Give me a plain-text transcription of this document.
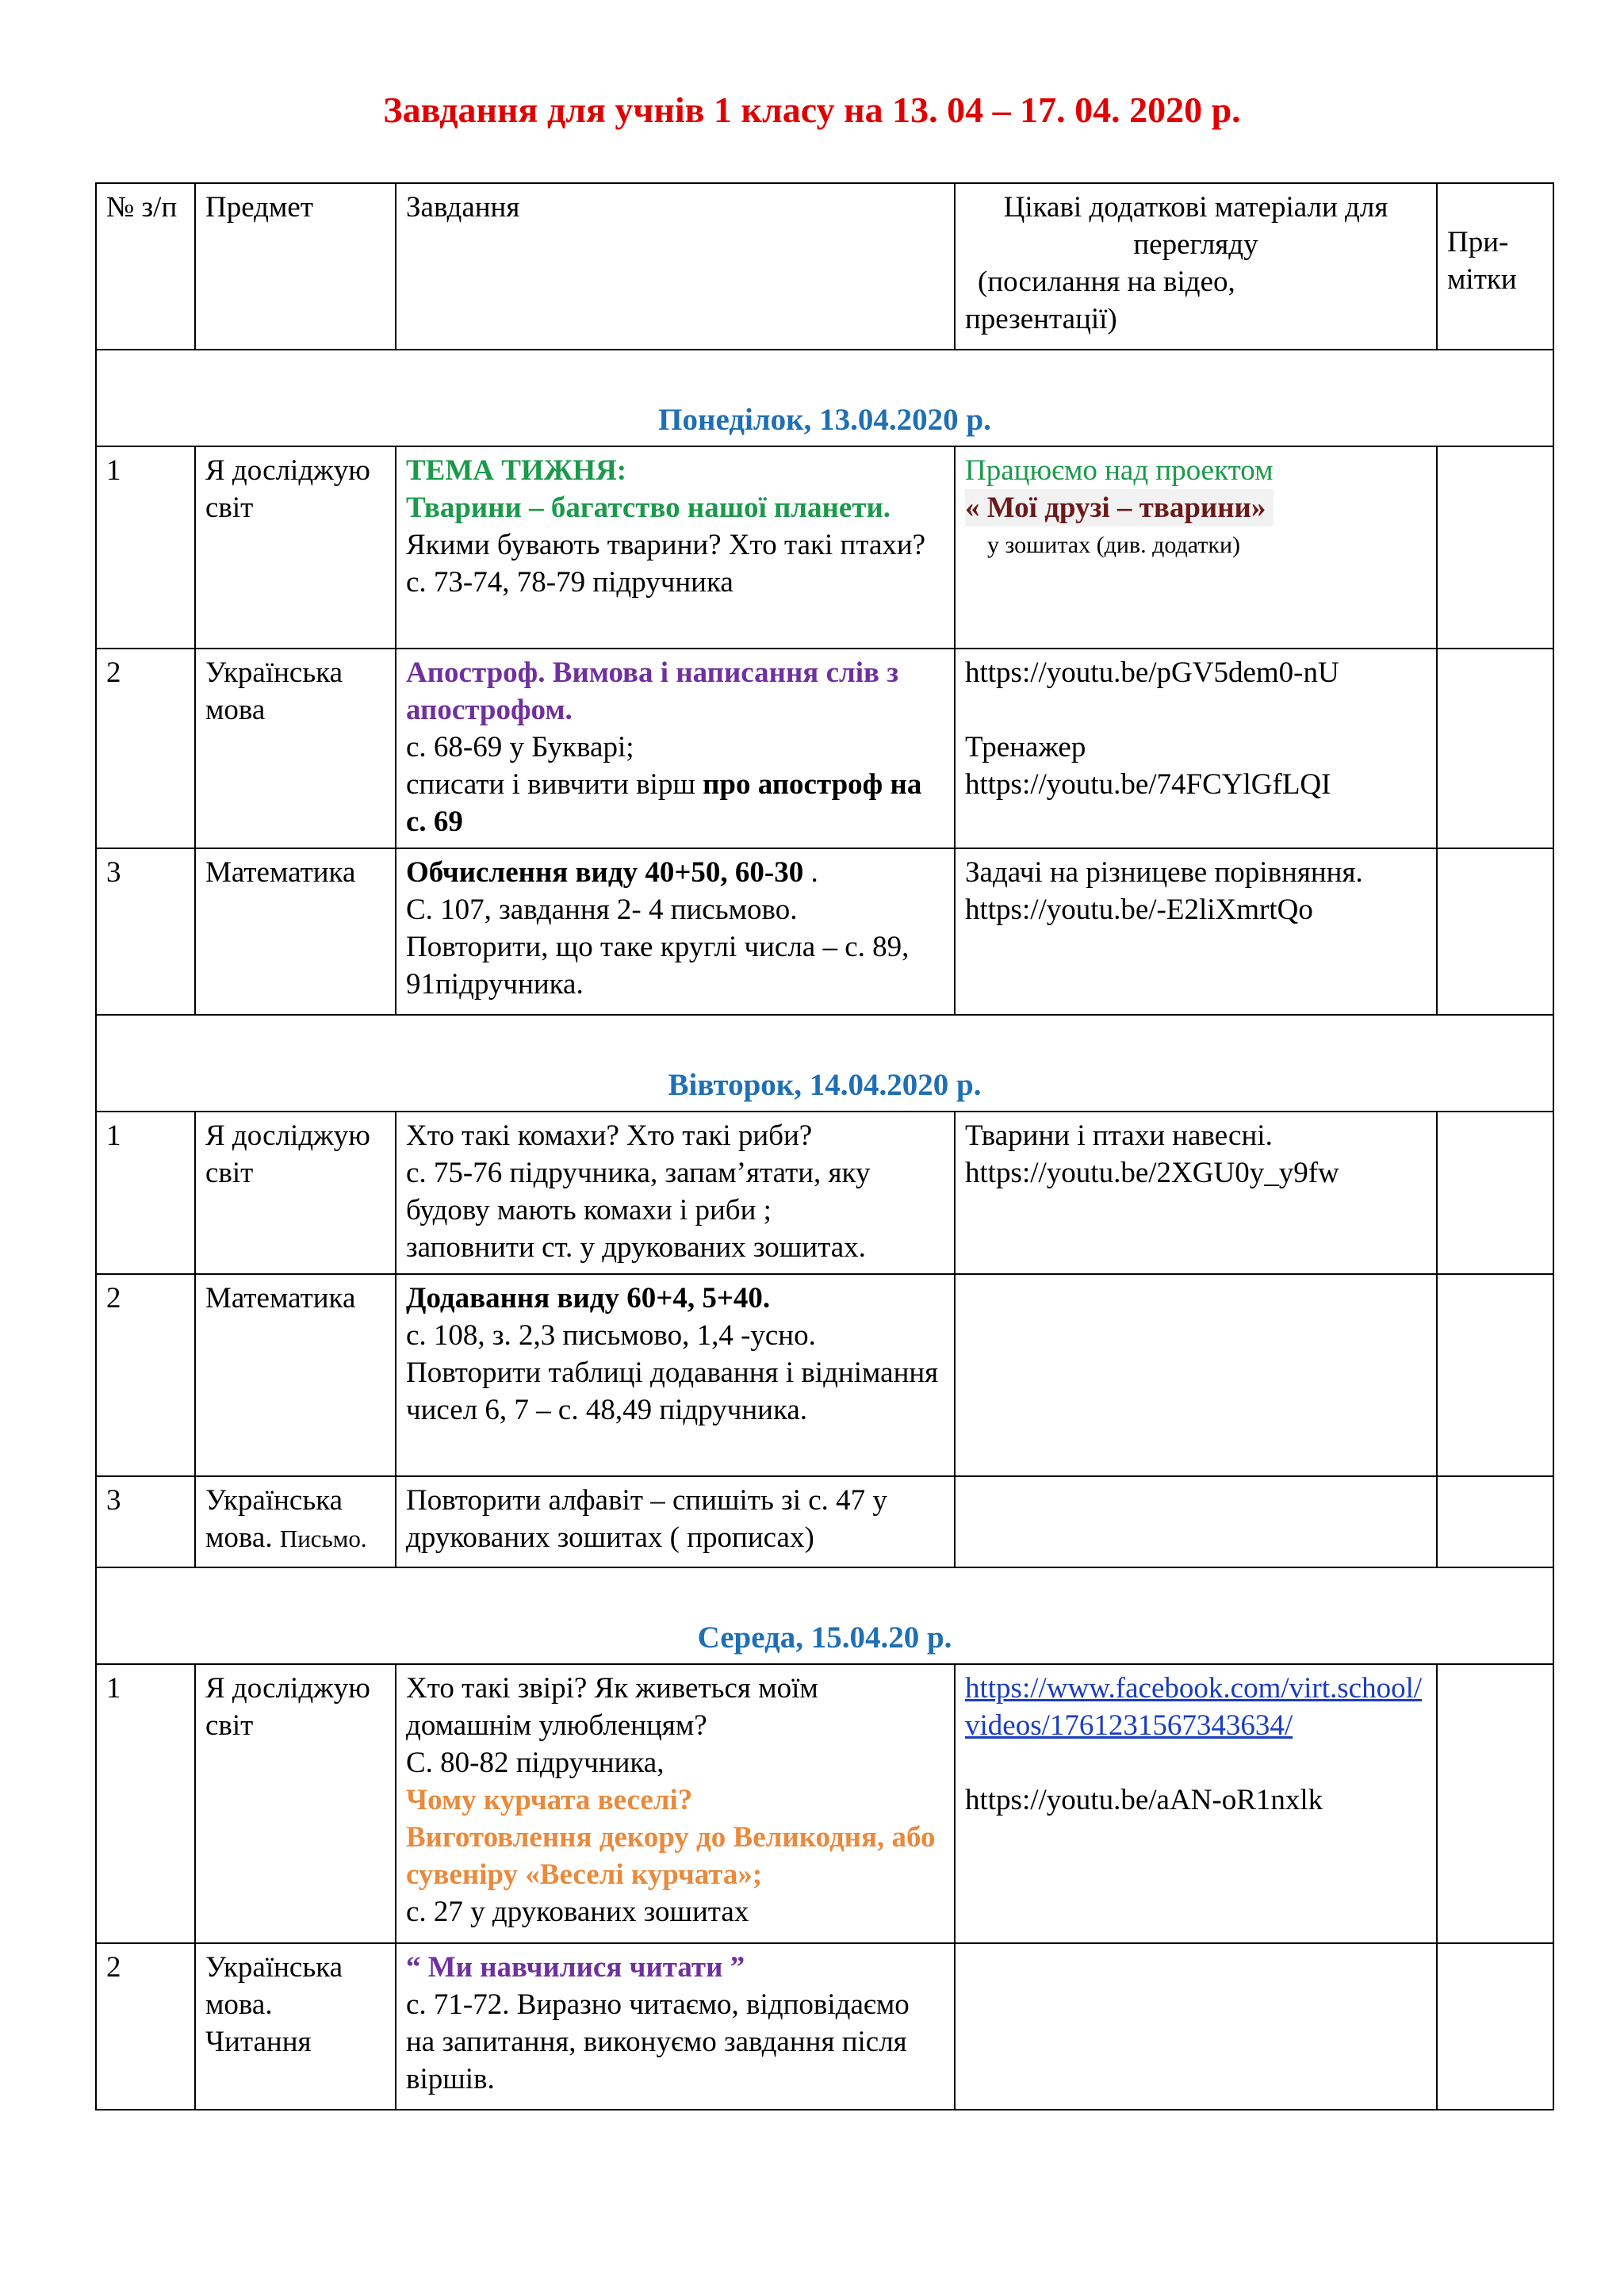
Завдання для учнів 1 класу на 13. 04 – 17. 04. 2020 р.
№ з/п	Предмет	Завдання	Цікаві додаткові матеріали для
перегляду
(посилання на відео,
презентації)	При-
мітки

Понеділок, 13.04.2020 р.				
1	Я досліджую
світ	ТЕМА ТИЖНЯ:
Тварини – багатство нашої планети.
Якими бувають тварини? Хто такі птахи?
с. 73-74, 78-79 підручника	Працюємо над проектом
« Мої друзі – тварини»
у зошитах (див. додатки)	

2	Українська
мова	Апостроф. Вимова і написання слів з апострофом.
с. 68-69 у Букварі;
списати і вивчити вірш про апостроф на с. 69	https://youtu.be/pGV5dem0-nU

Тренажер
https://youtu.be/74FCYlGfLQI	

3	Математика	Обчислення виду 40+50, 60-30 .
С. 107, завдання 2- 4 письмово.
Повторити, що таке круглі числа – с. 89, 91підручника.	Задачі на різницеве порівняння.
https://youtu.be/-E2liXmrtQo	

Вівторок, 14.04.2020 р.				
1	Я досліджую
світ	Хто такі комахи? Хто такі риби?
с. 75-76 підручника, запам’ятати, яку будову мають комахи і риби ;
заповнити ст. у друкованих зошитах.	Тварини і птахи навесні.
https://youtu.be/2XGU0y_y9fw	

2	Математика	Додавання виду 60+4, 5+40.
с. 108, з. 2,3 письмово, 1,4 -усно.
Повторити таблиці додавання і віднімання чисел 6, 7 – с. 48,49 підручника.		

3	Українська
мова. Письмо.	Повторити алфавіт – спишіть зі с. 47 у друкованих зошитах ( прописах)		
Середа, 15.04.20 р.				
1	Я досліджую
світ	Хто такі звірі? Як живеться моїм домашнім улюбленцям?
С. 80-82 підручника,
Чому курчата веселі?
Виготовлення декору до Великодня, або сувеніру «Веселі курчата»;
с. 27 у друкованих зошитах	https://www.facebook.com/virt.school/videos/1761231567343634/

https://youtu.be/aAN-oR1nxlk	

2	Українська
мова.
Читання	“ Ми навчилися читати ”
с. 71-72. Виразно читаємо, відповідаємо на запитання, виконуємо завдання після віршів.		
